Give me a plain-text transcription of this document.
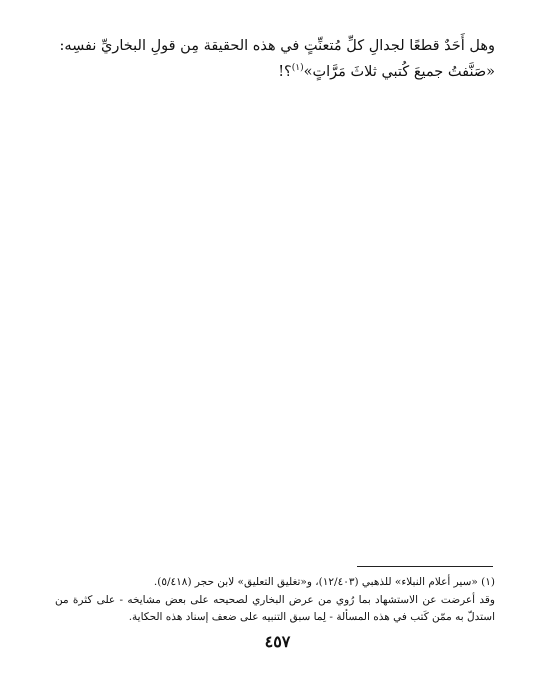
وهل أَحَدٌ قطعًا لجدالِ كلِّ مُتعنِّتٍ في هذه الحقيقة مِن قولِ البخاريِّ نفسِه:

«صَنَّفتُ جميعَ كُتبي ثلاثَ مَرَّاتٍ»$^{(١)}$؟!

(١) «سير أعلام النبلاء» للذهبي (١٢/٤٠٣)، و«تغليق التعليق» لابن حجر (٥/٤١٨).

وقد أعرضت عن الاستشهاد بما رُوي من عرض البخاري لصحيحه على بعض مشايخه - على كثرة من استدلّ به ممّن كَتب في هذه المسألة - لِما سبق التنبيه على ضعف إسناد هذه الحكاية.

٤٥٧
